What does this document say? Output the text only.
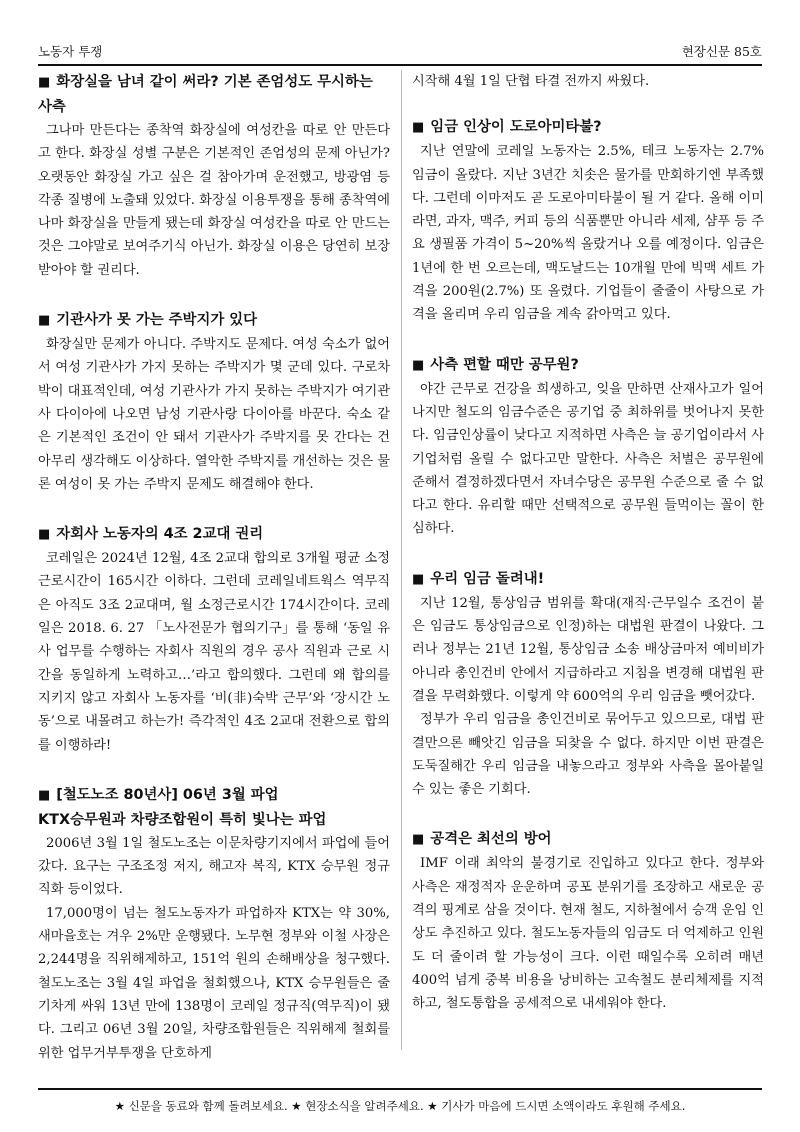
노동자 투쟁	현장신문 85호
■ 화장실을 남녀 같이 써라? 기본 존엄성도 무시하는 사측

그나마 만든다는 종착역 화장실에 여성칸을 따로 안 만든다고 한다. 화장실 성별 구분은 기본적인 존엄성의 문제 아닌가? 오랫동안 화장실 가고 싶은 걸 참아가며 운전했고, 방광염 등 각종 질병에 노출돼 있었다. 화장실 이용투쟁을 통해 종착역에나마 화장실을 만들게 됐는데 화장실 여성칸을 따로 안 만드는 것은 그야말로 보여주기식 아닌가. 화장실 이용은 당연히 보장받아야 할 권리다.

■ 기관사가 못 가는 주박지가 있다

화장실만 문제가 아니다. 주박지도 문제다. 여성 숙소가 없어서 여성 기관사가 가지 못하는 주박지가 몇 군데 있다. 구로차박이 대표적인데, 여성 기관사가 가지 못하는 주박지가 여기관사 다이아에 나오면 남성 기관사랑 다이아를 바꾼다. 숙소 같은 기본적인 조건이 안 돼서 기관사가 주박지를 못 간다는 건 아무리 생각해도 이상하다. 열악한 주박지를 개선하는 것은 물론 여성이 못 가는 주박지 문제도 해결해야 한다.

■ 자회사 노동자의 4조 2교대 권리

코레일은 2024년 12월, 4조 2교대 합의로 3개월 평균 소정근로시간이 165시간 이하다. 그런데 코레일네트웍스 역무직은 아직도 3조 2교대며, 월 소정근로시간 174시간이다. 코레일은 2018. 6. 27 「노사전문가 협의기구」를 통해 ‘동일 유사 업무를 수행하는 자회사 직원의 경우 공사 직원과 근로 시간을 동일하게 노력하고…’라고 합의했다. 그런데 왜 합의를 지키지 않고 자회사 노동자를 ‘비(非)숙박 근무’와 ‘장시간 노동’으로 내몰려고 하는가! 즉각적인 4조 2교대 전환으로 합의를 이행하라!

■ [철도노조 80년사] 06년 3월 파업
KTX승무원과 차량조합원이 특히 빛나는 파업

2006년 3월 1일 철도노조는 이문차량기지에서 파업에 들어갔다. 요구는 구조조정 저지, 해고자 복직, KTX 승무원 정규직화 등이었다.

17,000명이 넘는 철도노동자가 파업하자 KTX는 약 30%, 새마을호는 겨우 2%만 운행됐다. 노무현 정부와 이철 사장은 2,244명을 직위해제하고, 151억 원의 손해배상을 청구했다. 철도노조는 3월 4일 파업을 철회했으나, KTX 승무원들은 줄기차게 싸워 13년 만에 138명이 코레일 정규직(역무직)이 됐다. 그리고 06년 3월 20일, 차량조합원들은 직위해제 철회를 위한 업무거부투쟁을 단호하게

시작해 4월 1일 단협 타결 전까지 싸웠다.

■ 임금 인상이 도로아미타불?

지난 연말에 코레일 노동자는 2.5%, 테크 노동자는 2.7% 임금이 올랐다. 지난 3년간 치솟은 물가를 만회하기엔 부족했다. 그런데 이마저도 곧 도로아미타불이 될 거 같다. 올해 이미 라면, 과자, 맥주, 커피 등의 식품뿐만 아니라 세제, 샴푸 등 주요 생필품 가격이 5~20%씩 올랐거나 오를 예정이다. 임금은 1년에 한 번 오르는데, 맥도날드는 10개월 만에 빅맥 세트 가격을 200원(2.7%) 또 올렸다. 기업들이 줄줄이 사탕으로 가격을 올리며 우리 임금을 계속 갉아먹고 있다.

■ 사측 편할 때만 공무원?

야간 근무로 건강을 희생하고, 잊을 만하면 산재사고가 일어나지만 철도의 임금수준은 공기업 중 최하위를 벗어나지 못한다. 임금인상률이 낮다고 지적하면 사측은 늘 공기업이라서 사기업처럼 올릴 수 없다고만 말한다. 사측은 처벌은 공무원에 준해서 결정하겠다면서 자녀수당은 공무원 수준으로 줄 수 없다고 한다. 유리할 때만 선택적으로 공무원 들먹이는 꼴이 한심하다.

■ 우리 임금 돌려내!

지난 12월, 통상임금 범위를 확대(재직·근무일수 조건이 붙은 임금도 통상임금으로 인정)하는 대법원 판결이 나왔다. 그러나 정부는 21년 12월, 통상임금 소송 배상금마저 예비비가 아니라 총인건비 안에서 지급하라고 지침을 변경해 대법원 판결을 무력화했다. 이렇게 약 600억의 우리 임금을 뺏어갔다.

정부가 우리 임금을 총인건비로 묶어두고 있으므로, 대법 판결만으론 빼앗긴 임금을 되찾을 수 없다. 하지만 이번 판결은 도둑질해간 우리 임금을 내놓으라고 정부와 사측을 몰아붙일 수 있는 좋은 기회다.

■ 공격은 최선의 방어

IMF 이래 최악의 불경기로 진입하고 있다고 한다. 정부와 사측은 재정적자 운운하며 공포 분위기를 조장하고 새로운 공격의 핑계로 삼을 것이다. 현재 철도, 지하철에서 승객 운임 인상도 추진하고 있다. 철도노동자들의 임금도 더 억제하고 인원도 더 줄이려 할 가능성이 크다. 이런 때일수록 오히려 매년 400억 넘게 중복 비용을 낭비하는 고속철도 분리체제를 지적하고, 철도통합을 공세적으로 내세워야 한다.

★ 신문을 동료와 함께 돌려보세요. ★ 현장소식을 알려주세요. ★ 기사가 마음에 드시면 소액이라도 후원해 주세요.
